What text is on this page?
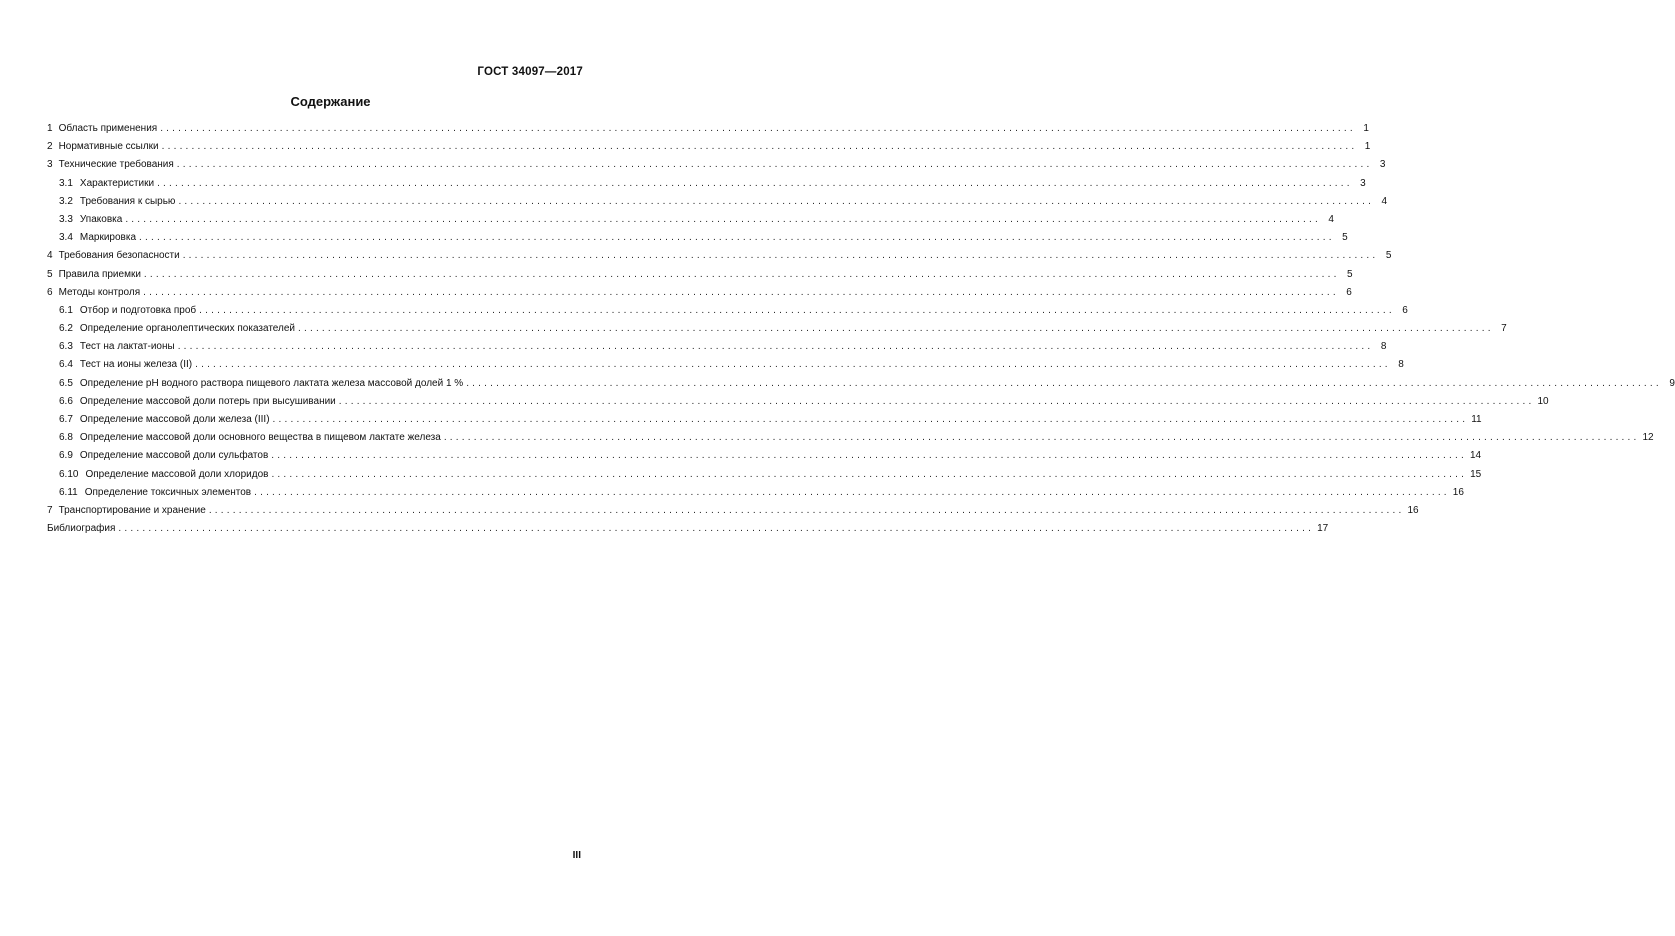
ГОСТ 34097—2017
Содержание
1 Область применения ........................................................................................................................................................................................................ 1
2 Нормативные ссылки ........................................................................................................................................................................................................ 1
3 Технические требования ........................................................................................................................................................................................................ 3
3.1 Характеристики ........................................................................................................................................................................................................ 3
3.2 Требования к сырью ........................................................................................................................................................................................................ 4
3.3 Упаковка ........................................................................................................................................................................................................ 4
3.4 Маркировка ........................................................................................................................................................................................................ 5
4 Требования безопасности ........................................................................................................................................................................................................ 5
5 Правила приемки ........................................................................................................................................................................................................ 5
6 Методы контроля ........................................................................................................................................................................................................ 6
6.1 Отбор и подготовка проб ........................................................................................................................................................................................................ 6
6.2 Определение органолептических показателей ........................................................................................................................................................................................................ 7
6.3 Тест на лактат-ионы ........................................................................................................................................................................................................ 8
6.4 Тест на ионы железа (II) ........................................................................................................................................................................................................ 8
6.5 Определение pH водного раствора пищевого лактата железа массовой долей 1 % ........................................................................................................................................................................................................ 9
6.6 Определение массовой доли потерь при высушивании ........................................................................................................................................................................................................ 10
6.7 Определение массовой доли железа (III) ........................................................................................................................................................................................................ 11
6.8 Определение массовой доли основного вещества в пищевом лактате железа ........................................................................................................................................................................................................ 12
6.9 Определение массовой доли сульфатов ........................................................................................................................................................................................................ 14
6.10 Определение массовой доли хлоридов ........................................................................................................................................................................................................ 15
6.11 Определение токсичных элементов ........................................................................................................................................................................................................ 16
7 Транспортирование и хранение ........................................................................................................................................................................................................ 16
Библиография ........................................................................................................................................................................................................ 17
III
